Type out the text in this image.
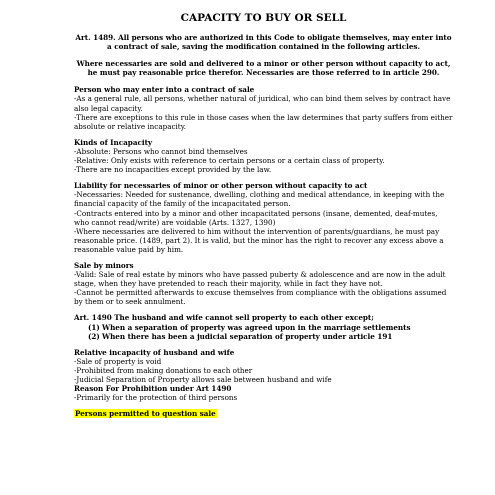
CAPACITY TO BUY OR SELL
Art. 1489. All persons who are authorized in this Code to obligate themselves, may enter into a contract of sale, saving the modification contained in the following articles.
Where necessaries are sold and delivered to a minor or other person without capacity to act, he must pay reasonable price therefor. Necessaries are those referred to in article 290.

Person who may enter into a contract of sale

-As a general rule, all persons, whether natural of juridical, who can bind them selves by contract have also legal capacity.
-There are exceptions to this rule in those cases when the law determines that party suffers from either absolute or relative incapacity.

Kinds of Incapacity

-Absolute: Persons who cannot bind themselves
-Relative: Only exists with reference to certain persons or a certain class of property.
-There are no incapacities except provided by the law.

Liability for necessaries of minor or other person without capacity to act

-Necessaries: Needed for sustenance, dwelling, clothing and medical attendance, in keeping with the financial capacity of the family of the incapacitated person.
-Contracts entered into by a minor and other incapacitated persons (insane, demented, deaf-mutes, who cannot read/write) are voidable (Arts. 1327, 1390)
-Where necessaries are delivered to him without the intervention of parents/guardians, he must pay reasonable price. (1489, part 2). It is valid, but the minor has the right to recover any excess above a reasonable value paid by him.

Sale by minors

-Valid: Sale of real estate by minors who have passed puberty & adolescence and are now in the adult stage, when they have pretended to reach their majority, while in fact they have not.
-Cannot be permitted afterwards to excuse themselves from compliance with the obligations assumed by them or to seek annulment.

Art. 1490 The husband and wife cannot sell property to each other except;

(1) When a separation of property was agreed upon in the marriage settlements
(2) When there has been a judicial separation of property under article 191

Relative incapacity of husband and wife

-Sale of property is void
-Prohibited from making donations to each other
-Judicial Separation of Property allows sale between husband and wife

Reason For Prohibition under Art 1490

-Primarily for the protection of third persons

Persons permitted to question sale
